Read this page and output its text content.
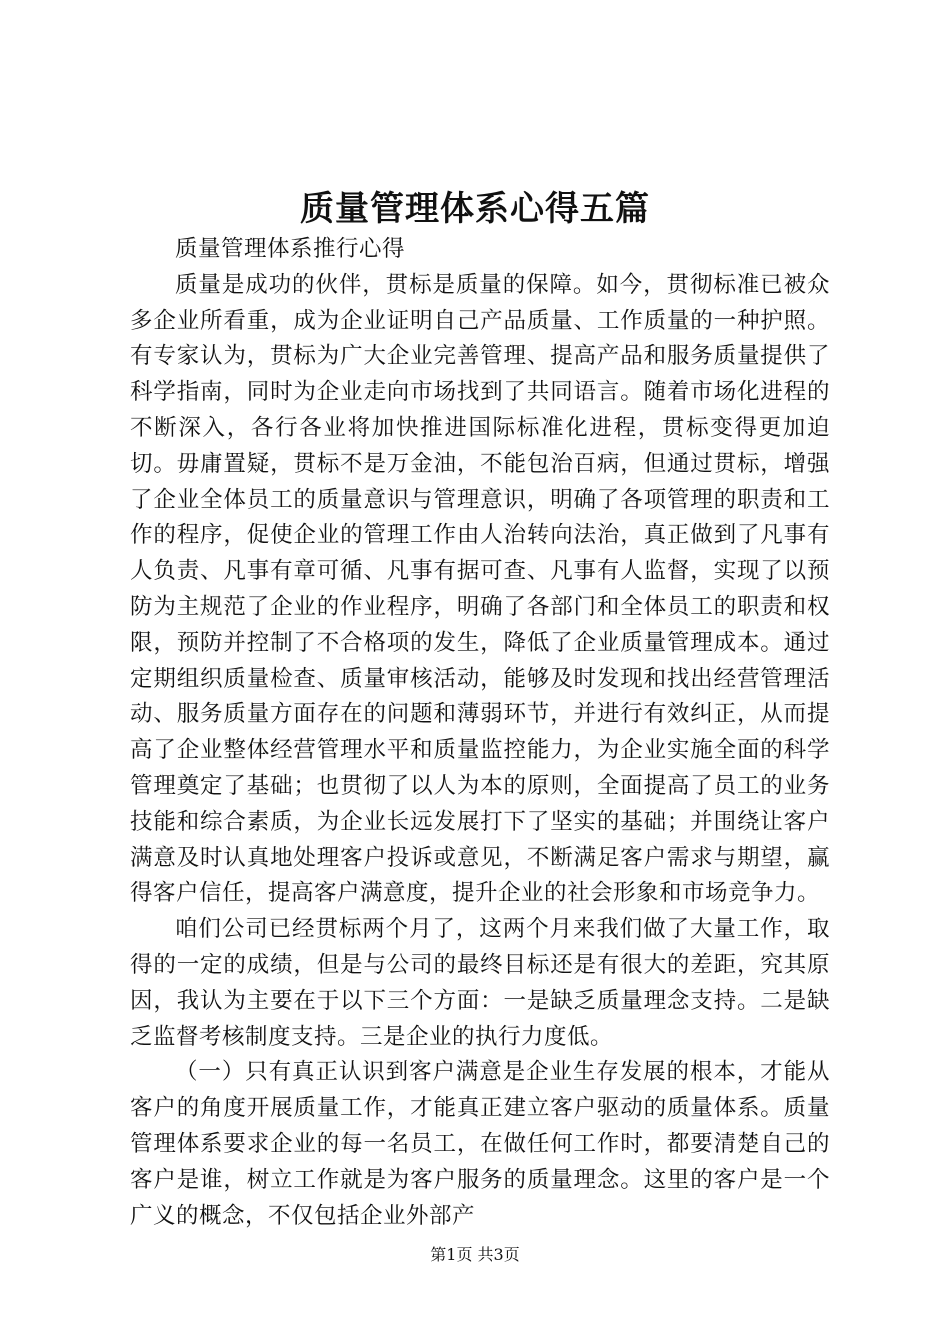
质量管理体系心得五篇

质量管理体系推行心得

质量是成功的伙伴，贯标是质量的保障。如今，贯彻标准已被众多企业所看重，成为企业证明自己产品质量、工作质量的一种护照。有专家认为，贯标为广大企业完善管理、提高产品和服务质量提供了科学指南，同时为企业走向市场找到了共同语言。随着市场化进程的不断深入，各行各业将加快推进国际标准化进程，贯标变得更加迫切。毋庸置疑，贯标不是万金油，不能包治百病，但通过贯标，增强了企业全体员工的质量意识与管理意识，明确了各项管理的职责和工作的程序，促使企业的管理工作由人治转向法治，真正做到了凡事有人负责、凡事有章可循、凡事有据可查、凡事有人监督，实现了以预防为主规范了企业的作业程序，明确了各部门和全体员工的职责和权限，预防并控制了不合格项的发生，降低了企业质量管理成本。通过定期组织质量检查、质量审核活动，能够及时发现和找出经营管理活动、服务质量方面存在的问题和薄弱环节，并进行有效纠正，从而提高了企业整体经营管理水平和质量监控能力，为企业实施全面的科学管理奠定了基础；也贯彻了以人为本的原则，全面提高了员工的业务技能和综合素质，为企业长远发展打下了坚实的基础；并围绕让客户满意及时认真地处理客户投诉或意见，不断满足客户需求与期望，赢得客户信任，提高客户满意度，提升企业的社会形象和市场竞争力。

咱们公司已经贯标两个月了，这两个月来我们做了大量工作，取得的一定的成绩，但是与公司的最终目标还是有很大的差距，究其原因，我认为主要在于以下三个方面：一是缺乏质量理念支持。二是缺乏监督考核制度支持。三是企业的执行力度低。

（一）只有真正认识到客户满意是企业生存发展的根本，才能从客户的角度开展质量工作，才能真正建立客户驱动的质量体系。质量管理体系要求企业的每一名员工，在做任何工作时，都要清楚自己的客户是谁，树立工作就是为客户服务的质量理念。这里的客户是一个广义的概念，不仅包括企业外部产

第1页 共3页
